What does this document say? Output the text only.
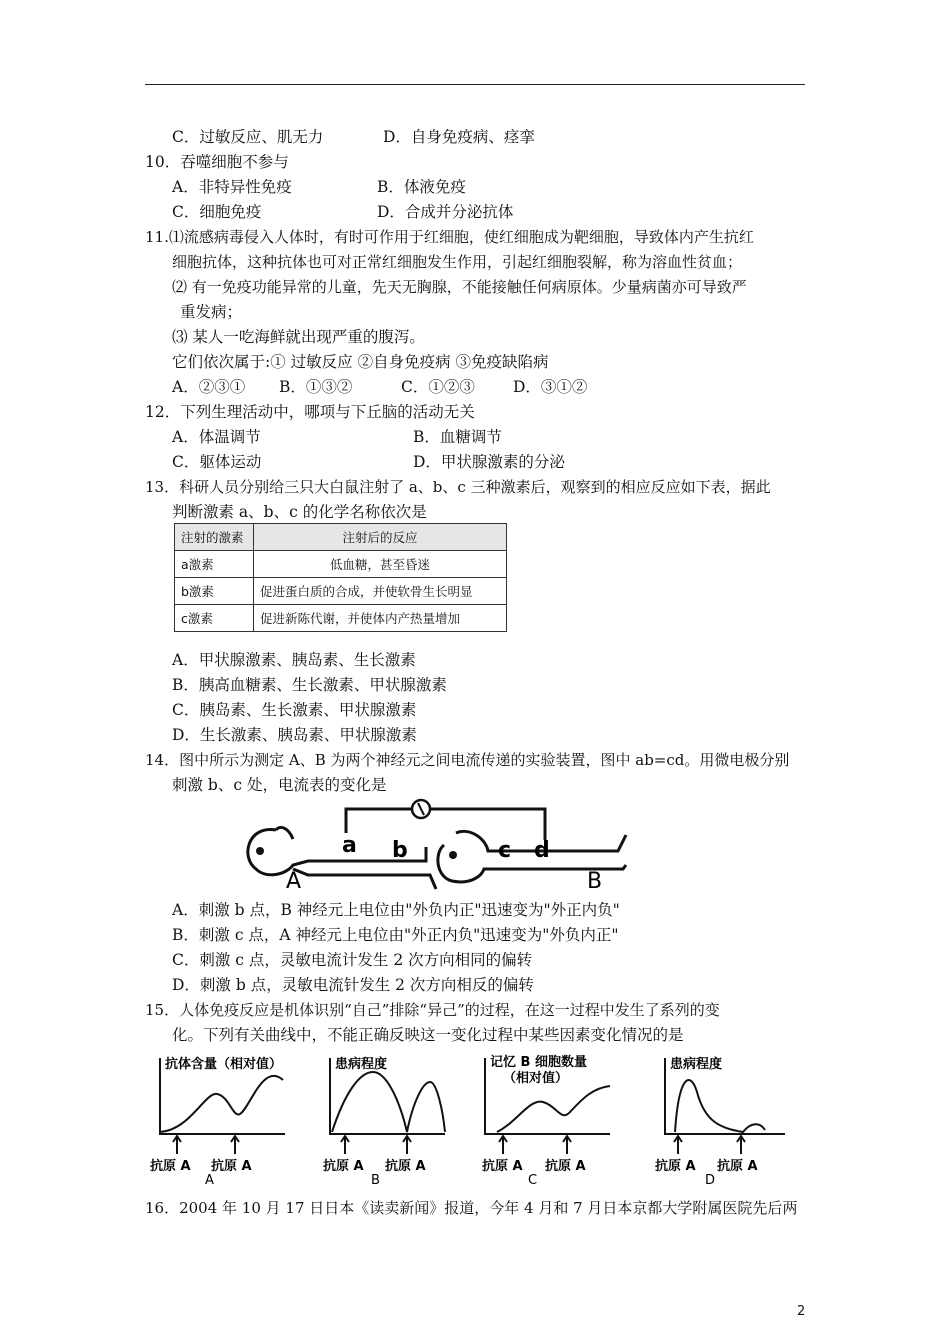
C．过敏反应、肌无力	D．自身免疫病、痉挛
10．吞噬细胞不参与
A．非特异性免疫	B．体液免疫
C．细胞免疫	D．合成并分泌抗体
11.⑴流感病毒侵入人体时，有时可作用于红细胞，使红细胞成为靶细胞，导致体内产生抗红
细胞抗体，这种抗体也可对正常红细胞发生作用，引起红细胞裂解，称为溶血性贫血；
⑵ 有一免疫功能异常的儿童，先天无胸腺，不能接触任何病原体。少量病菌亦可导致严
重发病；
⑶ 某人一吃海鲜就出现严重的腹泻。
它们依次属于:① 过敏反应 ②自身免疫病 ③免疫缺陷病
A．②③① B．①③②	C．①②③ D．③①②
12．下列生理活动中，哪项与下丘脑的活动无关
A．体温调节	B．血糖调节
C．躯体运动	D．甲状腺激素的分泌
13．科研人员分别给三只大白鼠注射了 a、b、c 三种激素后，观察到的相应反应如下表，据此
判断激素 a、b、c 的化学名称依次是
注射的激素	注射后的反应
a激素	低血糖，甚至昏迷
b激素	促进蛋白质的合成，并使软骨生长明显
c激素	促进新陈代谢，并使体内产热量增加
A．甲状腺激素、胰岛素、生长激素
B．胰高血糖素、生长激素、甲状腺激素
C．胰岛素、生长激素、甲状腺激素
D．生长激素、胰岛素、甲状腺激素
14．图中所示为测定 A、B 为两个神经元之间电流传递的实验装置，图中 ab=cd。用微电极分别
刺激 b、c 处，电流表的变化是
a b	c d
A	B
A．刺激 b 点，B 神经元上电位由"外负内正"迅速变为"外正内负"
B．刺激 c 点，A 神经元上电位由"外正内负"迅速变为"外负内正"
C．刺激 c 点，灵敏电流计发生 2 次方向相同的偏转
D．刺激 b 点，灵敏电流针发生 2 次方向相反的偏转
15．人体免疫反应是机体识别“自己”排除“异己”的过程，在这一过程中发生了系列的变
化。下列有关曲线中，不能正确反映这一变化过程中某些因素变化情况的是
抗体含量（相对值）	患病程度	记忆 B 细胞数量
（相对值）
患病程度
抗原 A 抗原 A	抗原 A 抗原 A	抗原 A 抗原 A	抗原 A 抗原 A
A	B	C	D
16．2004 年 10 月 17 日日本《读卖新闻》报道，今年 4 月和 7 月日本京都大学附属医院先后两
2
